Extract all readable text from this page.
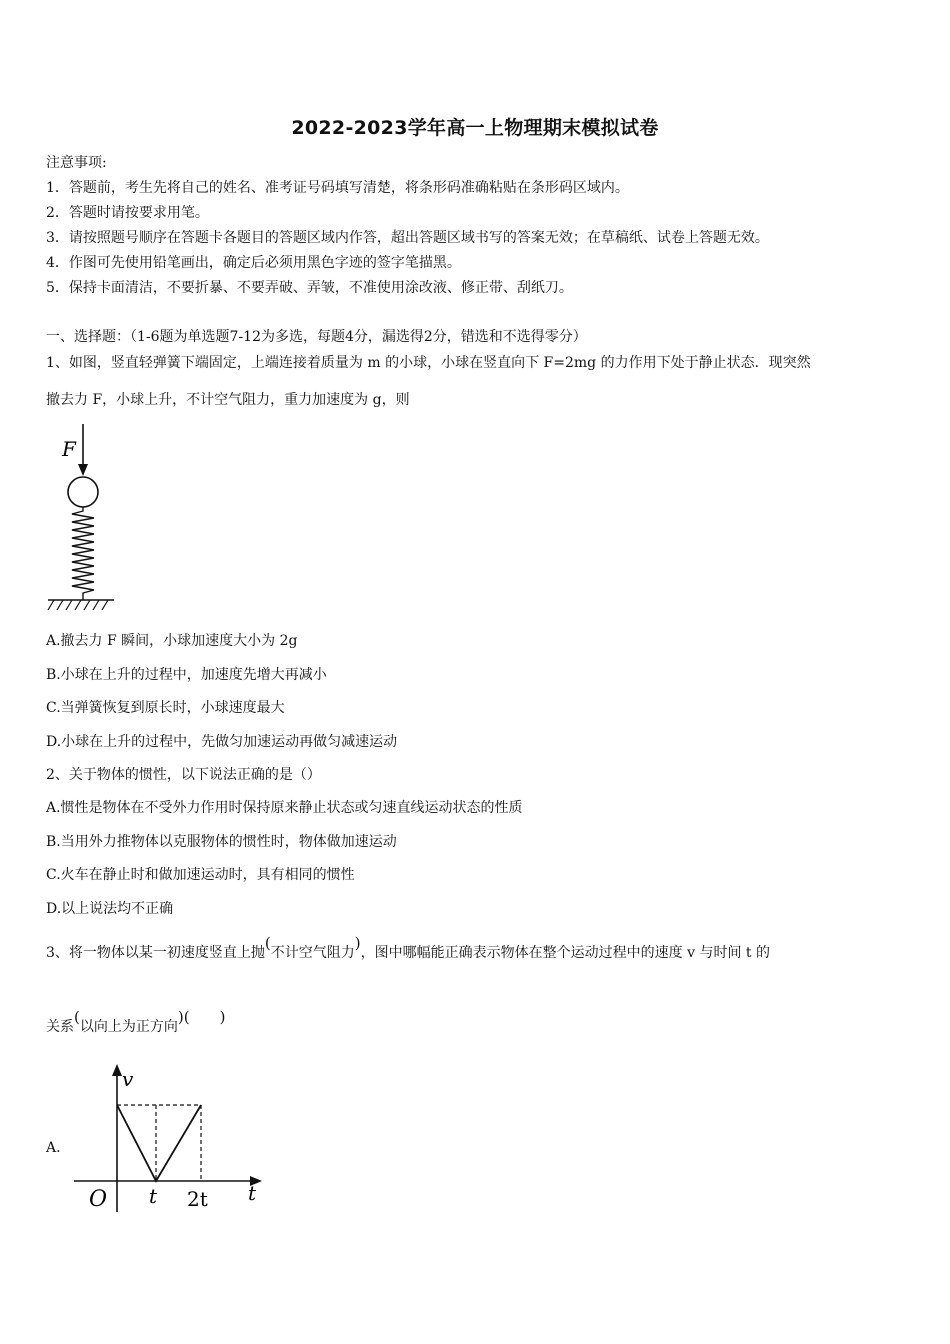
2022-2023学年高一上物理期末模拟试卷
注意事项:
1．答题前，考生先将自己的姓名、准考证号码填写清楚，将条形码准确粘贴在条形码区域内。
2．答题时请按要求用笔。
3．请按照题号顺序在答题卡各题目的答题区域内作答，超出答题区域书写的答案无效；在草稿纸、试卷上答题无效。
4．作图可先使用铅笔画出，确定后必须用黑色字迹的签字笔描黑。
5．保持卡面清洁，不要折暴、不要弄破、弄皱，不准使用涂改液、修正带、刮纸刀。
一、选择题：（1-6题为单选题7-12为多选，每题4分，漏选得2分，错选和不选得零分）
1、如图，竖直轻弹簧下端固定，上端连接着质量为 m 的小球，小球在竖直向下 F=2mg 的力作用下处于静止状态．现突然
撤去力 F，小球上升，不计空气阻力，重力加速度为 g，则
F
A.撤去力 F 瞬间，小球加速度大小为 2g
B.小球在上升的过程中，加速度先增大再减小
C.当弹簧恢复到原长时，小球速度最大
D.小球在上升的过程中，先做匀加速运动再做匀减速运动
2、关于物体的惯性，以下说法正确的是（）
A.惯性是物体在不受外力作用时保持原来静止状态或匀速直线运动状态的性质
B.当用外力推物体以克服物体的惯性时，物体做加速运动
C.火车在静止时和做加速运动时，具有相同的惯性
D.以上说法均不正确
3、将一物体以某一初速度竖直上抛(不计空气阻力)，图中哪幅能正确表示物体在整个运动过程中的速度 v 与时间 t 的
关系(以向上为正方向)(　　)
A.
v
O t 2t t
